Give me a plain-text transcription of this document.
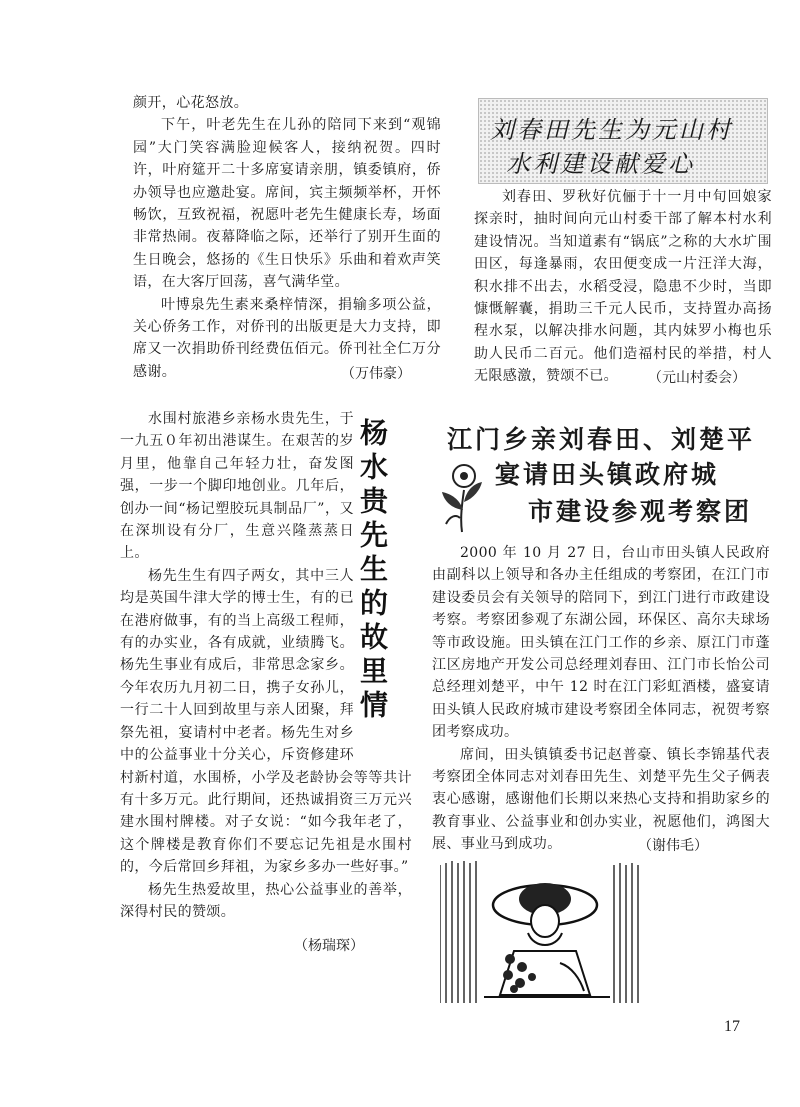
颜开，心花怒放。

下午，叶老先生在儿孙的陪同下来到“观锦园”大门笑容满脸迎候客人，接纳祝贺。四时许，叶府筵开二十多席宴请亲朋，镇委镇府，侨办领导也应邀赴宴。席间，宾主频频举杯，开怀畅饮，互致祝福，祝愿叶老先生健康长寿，场面非常热闹。夜幕降临之际，还举行了别开生面的生日晚会，悠扬的《生日快乐》乐曲和着欢声笑语，在大客厅回荡，喜气满华堂。

叶博泉先生素来桑梓情深，捐输多项公益，关心侨务工作，对侨刊的出版更是大力支持，即席又一次捐助侨刊经费伍佰元。侨刊社全仁万分感谢。	（万伟豪）

刘春田先生为元山村
水利建设献爱心

刘春田、罗秋好伉俪于十一月中旬回娘家探亲时，抽时间向元山村委干部了解本村水利建设情况。当知道素有“锅底”之称的大水圹围田区，每逢暴雨，农田便变成一片汪洋大海，积水排不出去，水稻受浸，隐患不少时，当即慷慨解囊，捐助三千元人民币，支持置办高扬程水泵，以解决排水问题，其内妹罗小梅也乐助人民币二百元。他们造福村民的举措，村人无限感激，赞颂不已。	（元山村委会）

水围村旅港乡亲杨水贵先生，于一九五０年初出港谋生。在艰苦的岁月里，他靠自己年轻力壮，奋发图强，一步一个脚印地创业。几年后，创办一间“杨记塑胶玩具制品厂”，又在深圳设有分厂，生意兴隆蒸蒸日上。

杨先生生有四子两女，其中三人均是英国牛津大学的博士生，有的已在港府做事，有的当上高级工程师，有的办实业，各有成就，业绩腾飞。杨先生事业有成后，非常思念家乡。今年农历九月初二日，携子女孙儿，一行二十人回到故里与亲人团聚，拜祭先祖，宴请村中老者。杨先生对乡中的公益事业十分关心，斥资修建环村新村道，水围桥，小学及老龄协会等等共计有十多万元。此行期间，还热诚捐资三万元兴建水围村牌楼。对子女说：“如今我年老了，这个牌楼是教育你们不要忘记先祖是水围村的，今后常回乡拜祖，为家乡多办一些好事。”

杨先生热爱故里，热心公益事业的善举，深得村民的赞颂。

（杨瑞琛）

杨水贵先生的故里情 江门乡亲刘春田、刘楚平
宴请田头镇政府城
市建设参观考察团

2000 年 10 月 27 日，台山市田头镇人民政府由副科以上领导和各办主任组成的考察团，在江门市建设委员会有关领导的陪同下，到江门进行市政建设考察。考察团参观了东湖公园，环保区、高尔夫球场等市政设施。田头镇在江门工作的乡亲、原江门市蓬江区房地产开发公司总经理刘春田、江门市长怡公司总经理刘楚平，中午 12 时在江门彩虹酒楼，盛宴请田头镇人民政府城市建设考察团全体同志，祝贺考察团考察成功。

席间，田头镇镇委书记赵普豪、镇长李锦基代表考察团全体同志对刘春田先生、刘楚平先生父子俩表衷心感谢，感谢他们长期以来热心支持和捐助家乡的教育事业、公益事业和创办实业，祝愿他们，鸿图大展、事业马到成功。	（谢伟毛）

17
